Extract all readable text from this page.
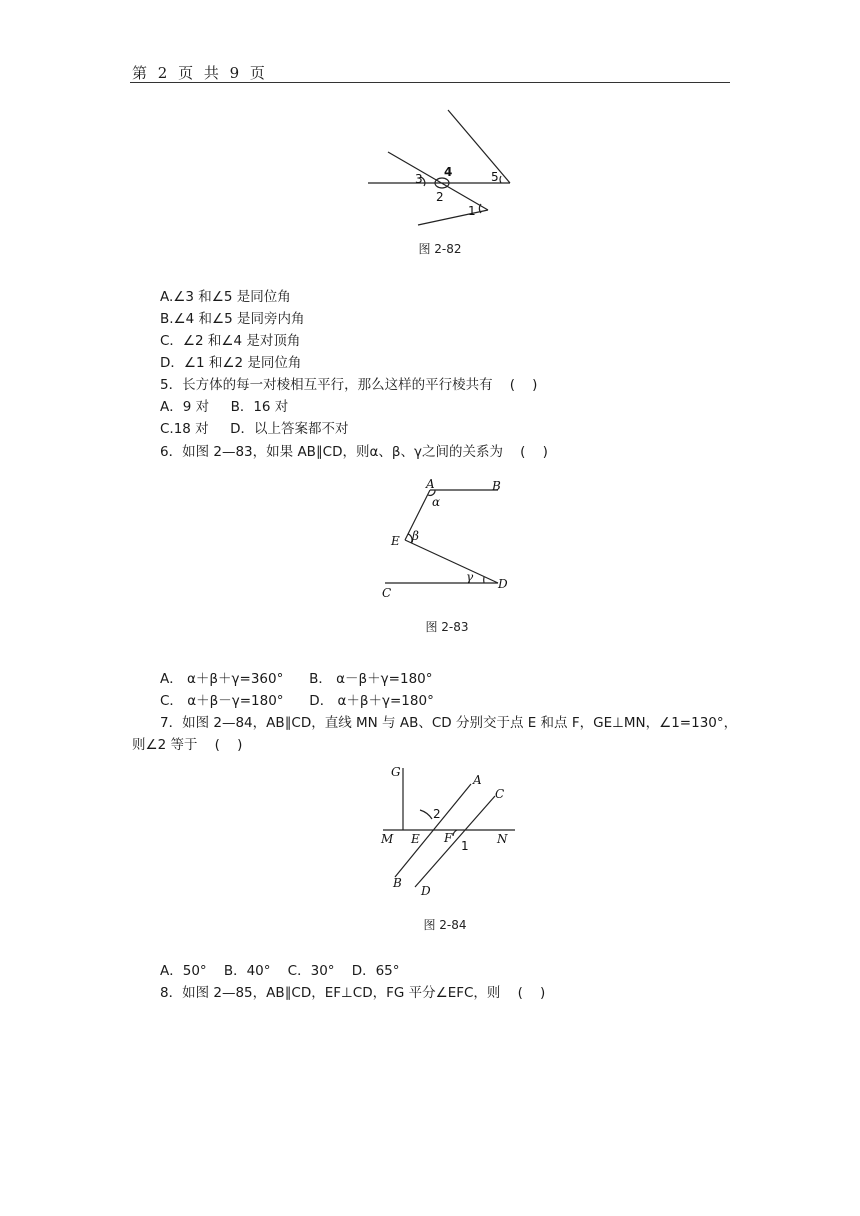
第 2 页 共 9 页
3 4
2
5
1
图 2-82
A	B
α
E β
γ D
C
图 2-83
G
A
C
2
M E F	N
1
B
D
图 2-84
A.∠3 和∠5 是同位角
B.∠4 和∠5 是同旁内角
C．∠2 和∠4 是对顶角
D．∠1 和∠2 是同位角
5．长方体的每一对棱相互平行，那么这样的平行棱共有    (    )
A．9 对     B．16 对
C.18 对     D．以上答案都不对
6．如图 2—83，如果 AB∥CD，则α、β、γ之间的关系为    (    )
A． α＋β＋γ=360°      B． α－β＋γ=180°
C． α＋β－γ=180°      D． α＋β＋γ=180°
7．如图 2—84，AB∥CD，直线 MN 与 AB、CD 分别交于点 E 和点 F，GE⊥MN，∠1=130°，
则∠2 等于    (    )
A．50°    B．40°    C．30°    D．65°
8．如图 2—85，AB∥CD，EF⊥CD，FG 平分∠EFC，则    (    )
